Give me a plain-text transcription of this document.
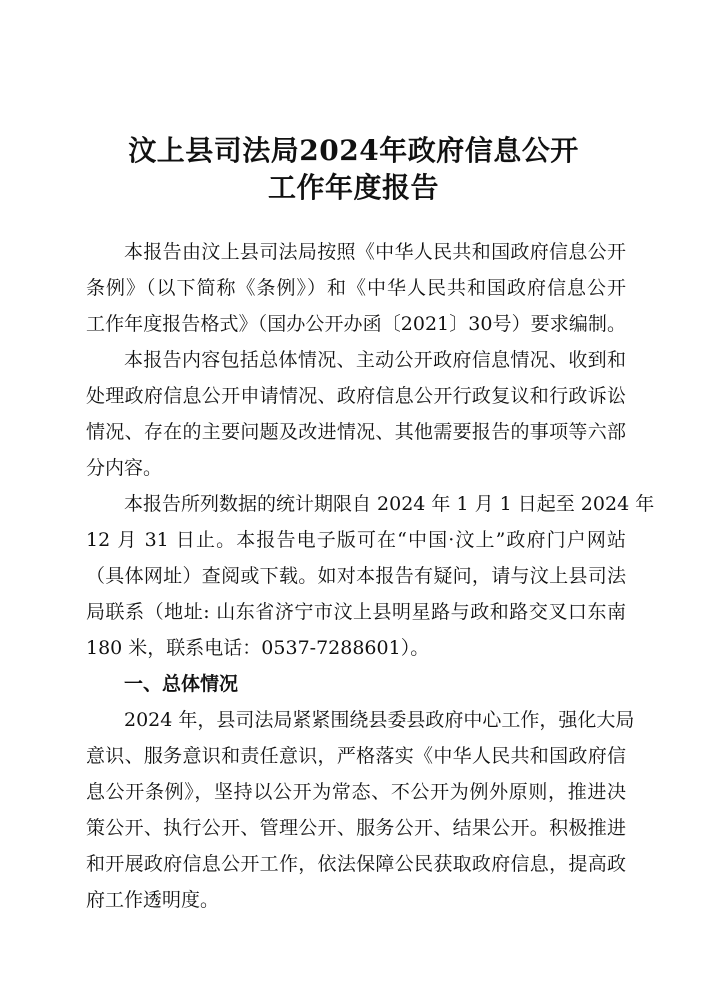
汶上县司法局2024年政府信息公开
工作年度报告

本报告由汶上县司法局按照《中华人民共和国政府信息公开

条例》（以下简称《条例》）和《中华人民共和国政府信息公开

工作年度报告格式》（国办公开办函〔2021〕30号）要求编制。

本报告内容包括总体情况、主动公开政府信息情况、收到和

处理政府信息公开申请情况、政府信息公开行政复议和行政诉讼

情况、存在的主要问题及改进情况、其他需要报告的事项等六部

分内容。

本报告所列数据的统计期限自 2024 年 1 月 1 日起至 2024 年

12 月 31 日止。本报告电子版可在“中国·汶上”政府门户网站

（具体网址）查阅或下载。如对本报告有疑问，请与汶上县司法

局联系（地址: 山东省济宁市汶上县明星路与政和路交叉口东南

180 米，联系电话：0537-7288601）。

一、总体情况

2024 年，县司法局紧紧围绕县委县政府中心工作，强化大局

意识、服务意识和责任意识，严格落实《中华人民共和国政府信

息公开条例》，坚持以公开为常态、不公开为例外原则，推进决

策公开、执行公开、管理公开、服务公开、结果公开。积极推进

和开展政府信息公开工作，依法保障公民获取政府信息，提高政

府工作透明度。
